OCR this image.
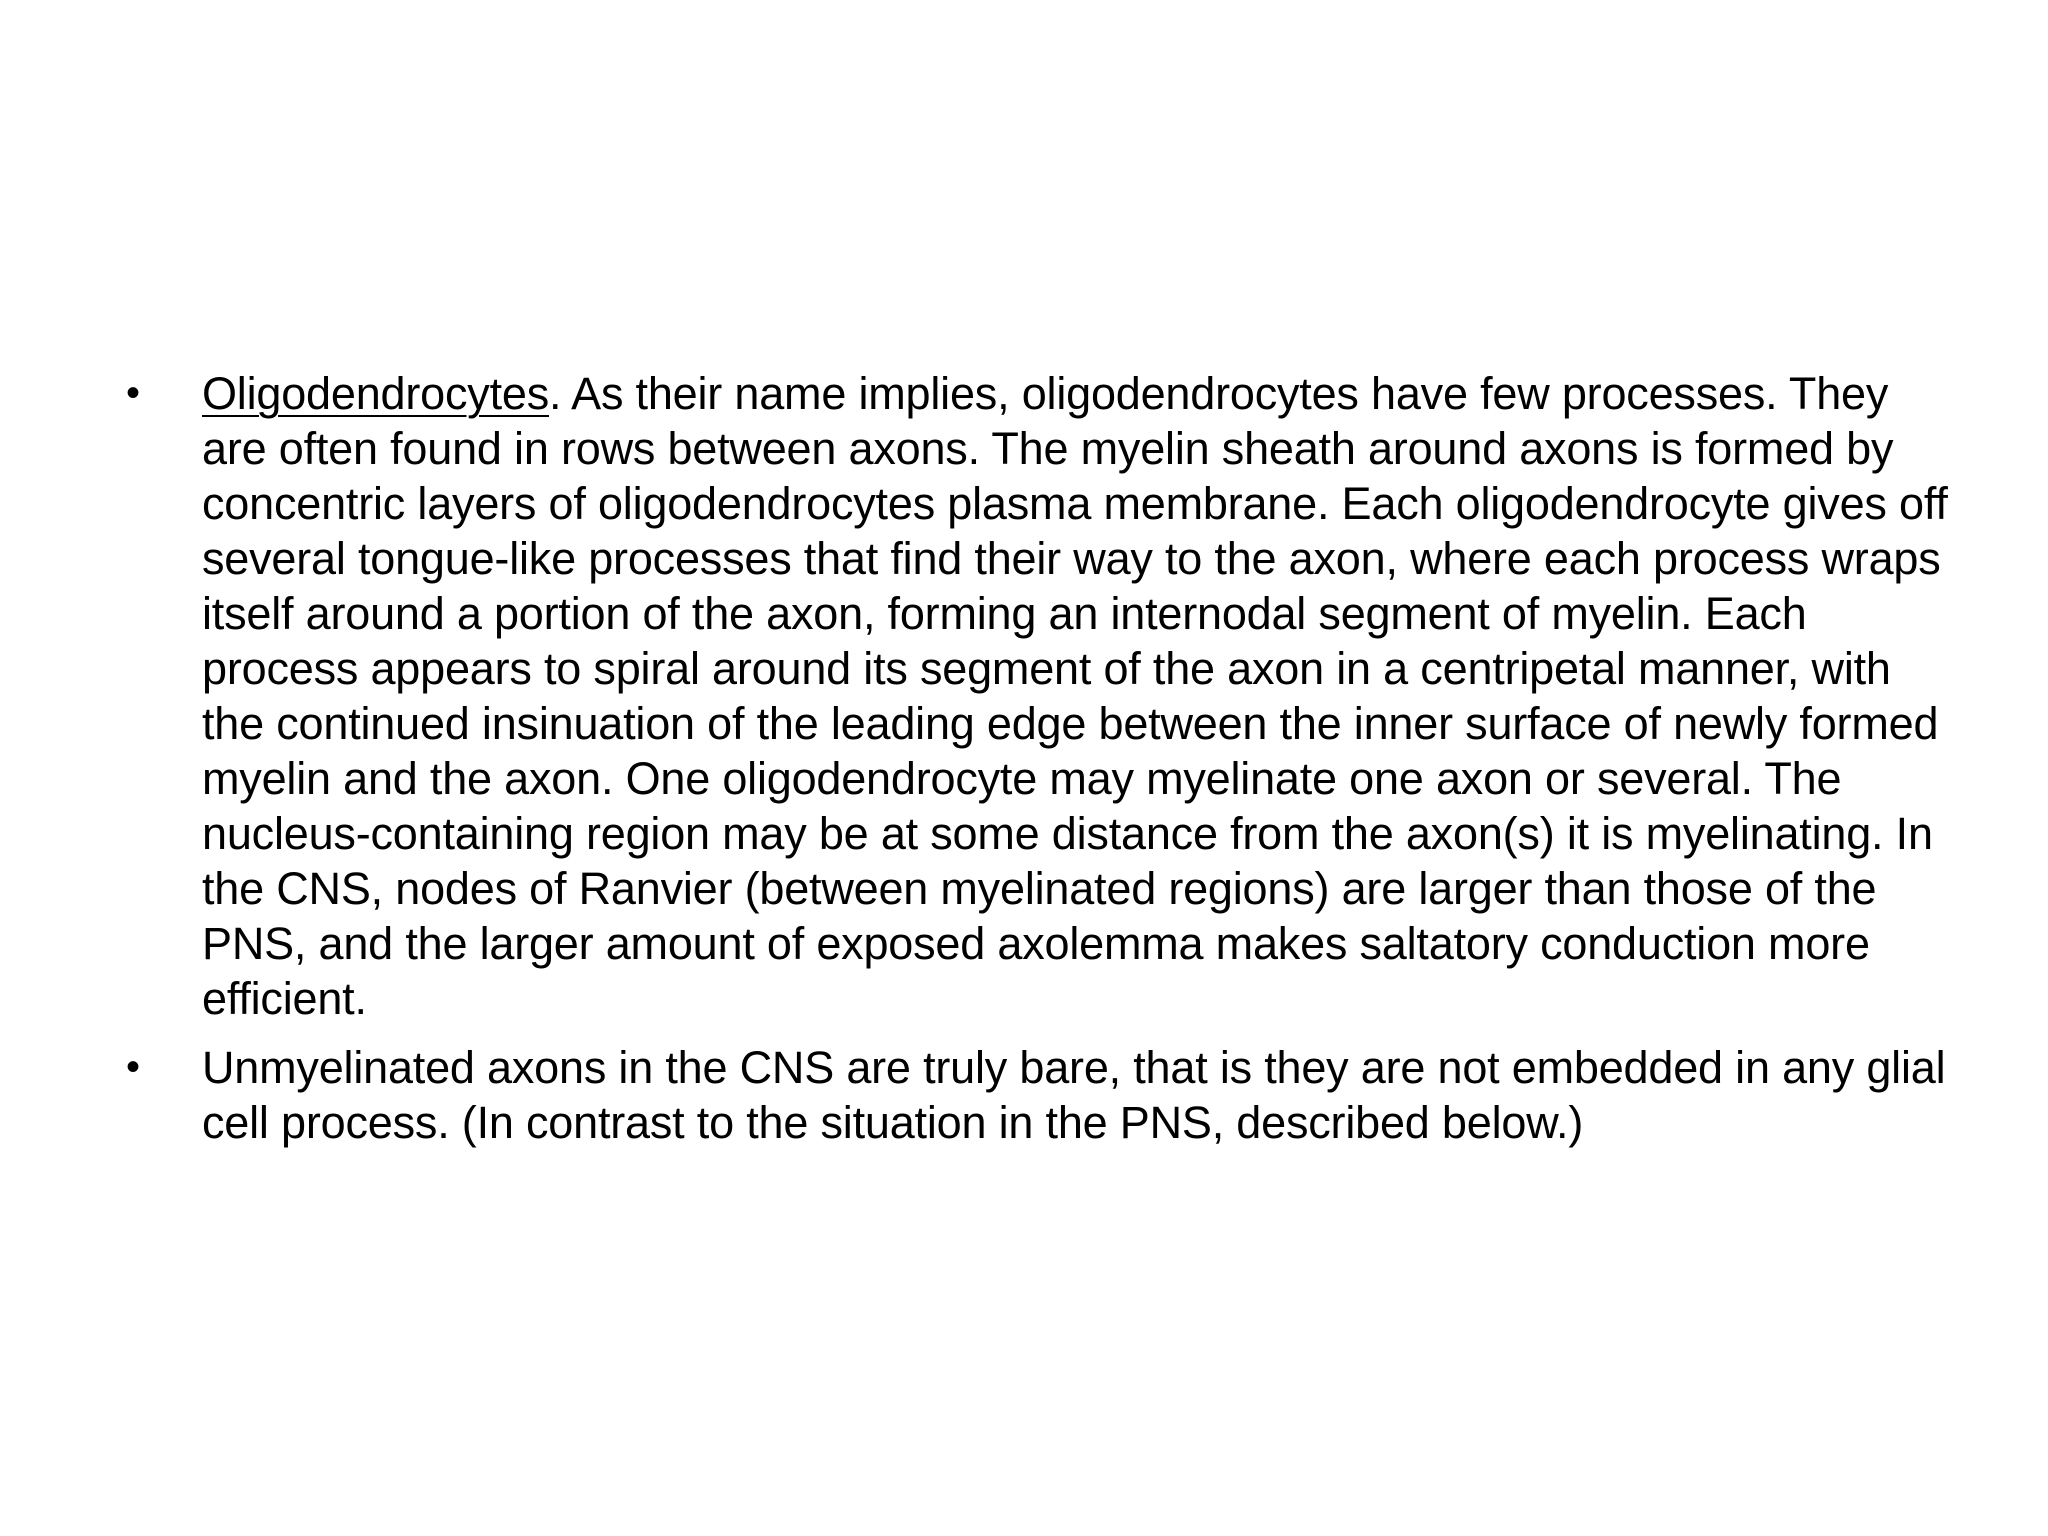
• Oligodendrocytes. As their name implies, oligodendrocytes have few processes. They are often found in rows between axons. The myelin sheath around axons is formed by concentric layers of oligodendrocytes plasma membrane. Each oligodendrocyte gives off several tongue-like processes that find their way to the axon, where each process wraps itself around a portion of the axon, forming an internodal segment of myelin. Each process appears to spiral around its segment of the axon in a centripetal manner, with the continued insinuation of the leading edge between the inner surface of newly formed myelin and the axon. One oligodendrocyte may myelinate one axon or several. The nucleus-containing region may be at some distance from the axon(s) it is myelinating. In the CNS, nodes of Ranvier (between myelinated regions) are larger than those of the PNS, and the larger amount of exposed axolemma makes saltatory conduction more efficient.
• Unmyelinated axons in the CNS are truly bare, that is they are not embedded in any glial cell process. (In contrast to the situation in the PNS, described below.)
